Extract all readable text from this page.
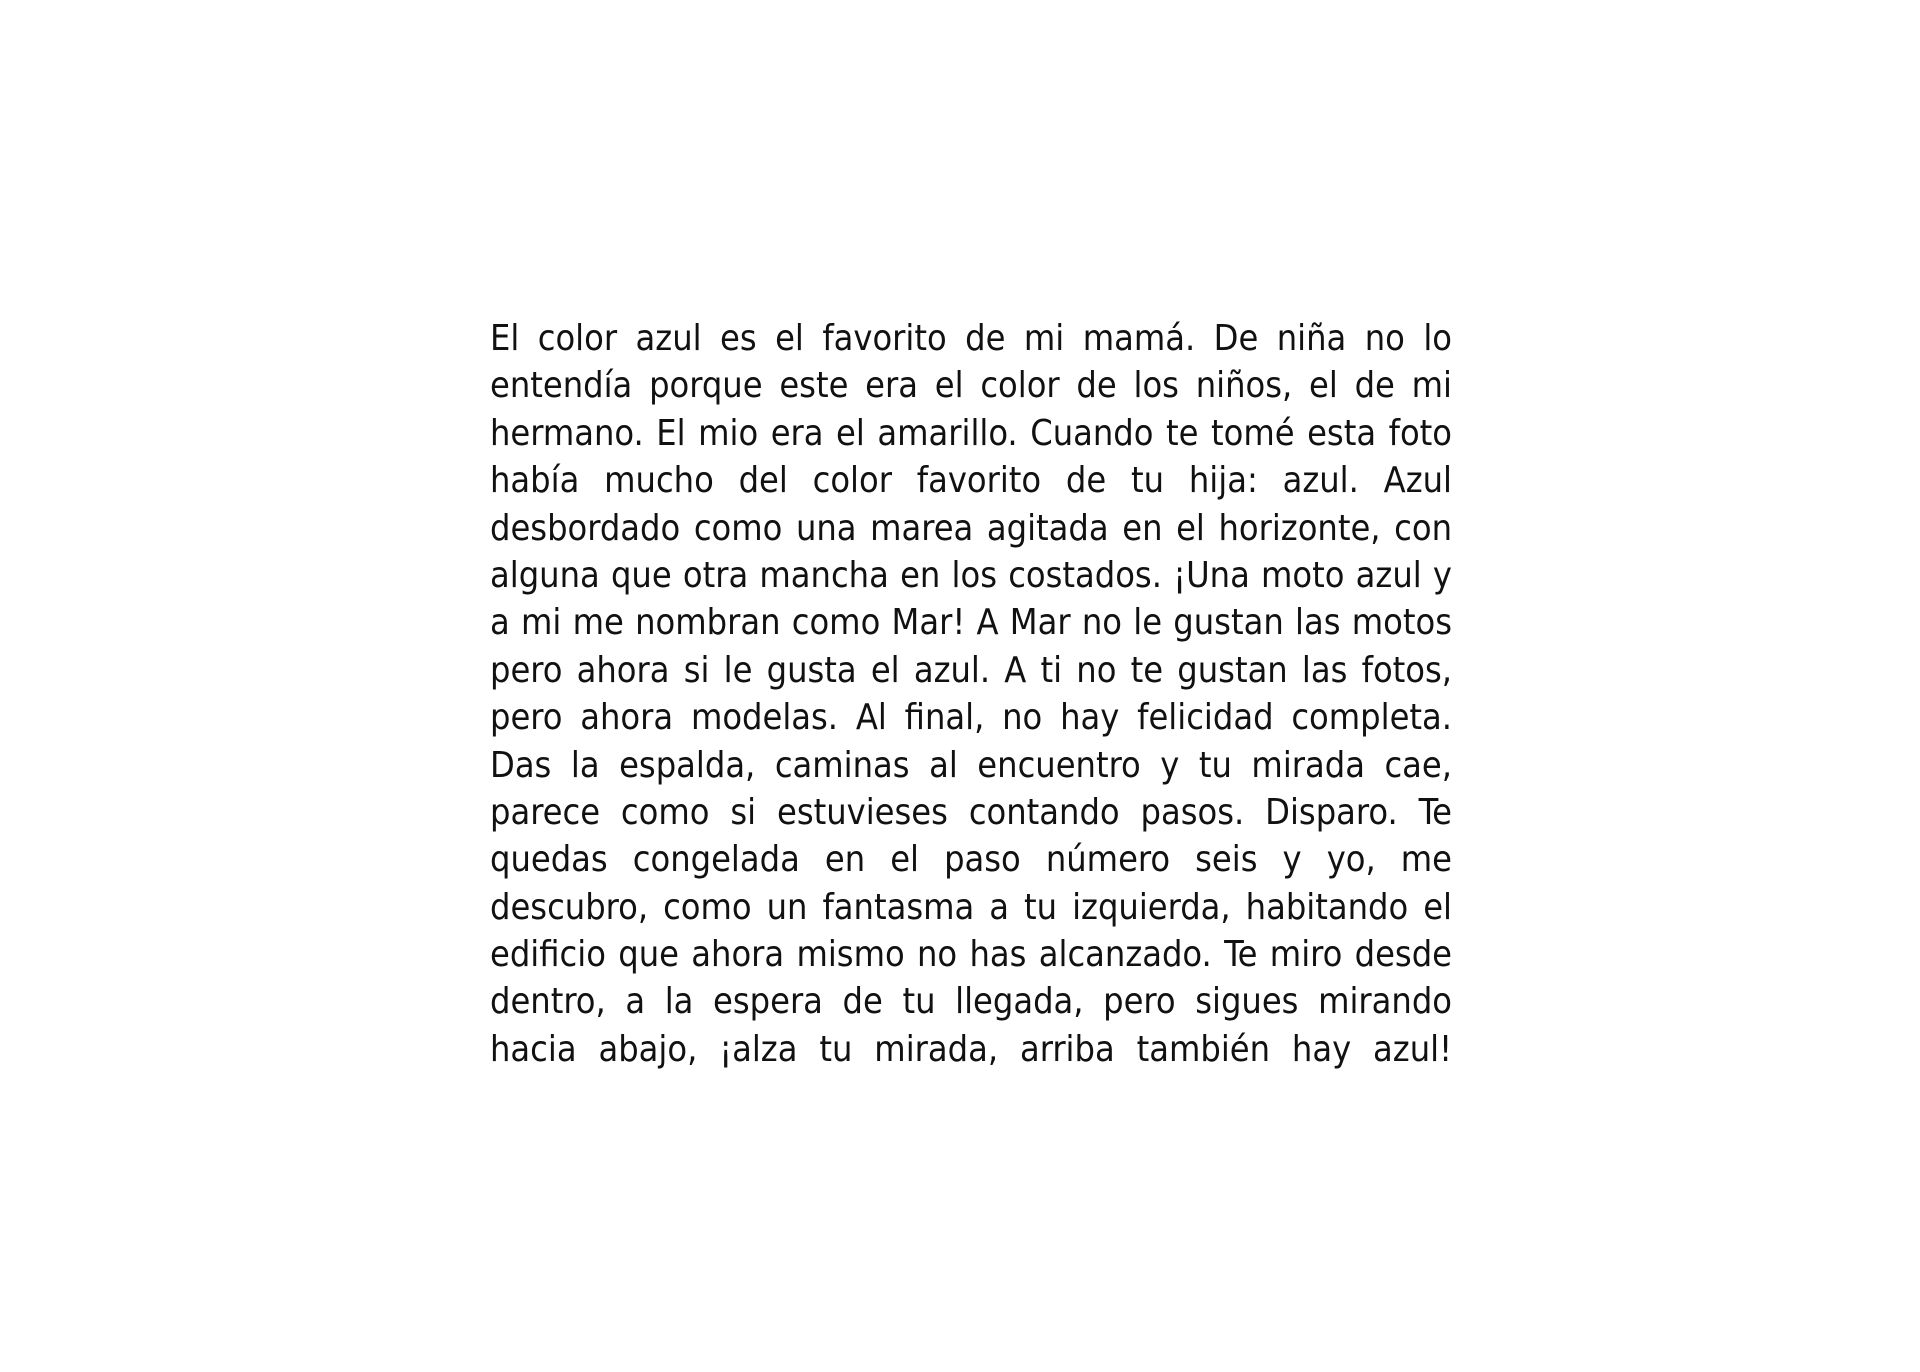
El color azul es el favorito de mi mamá. De niña no lo
entendía porque este era el color de los niños, el de mi
hermano. El mio era el amarillo. Cuando te tomé esta foto
había mucho del color favorito de tu hija: azul. Azul
desbordado como una marea agitada en el horizonte, con
alguna que otra mancha en los costados. ¡Una moto azul y
a mi me nombran como Mar! A Mar no le gustan las motos
pero ahora si le gusta el azul. A ti no te gustan las fotos,
pero ahora modelas. Al final, no hay felicidad completa.
Das la espalda, caminas al encuentro y tu mirada cae,
parece como si estuvieses contando pasos. Disparo. Te
quedas congelada en el paso número seis y yo, me
descubro, como un fantasma a tu izquierda, habitando el
edificio que ahora mismo no has alcanzado. Te miro desde
dentro, a la espera de tu llegada, pero sigues mirando
hacia abajo, ¡alza tu mirada, arriba también hay azul!
